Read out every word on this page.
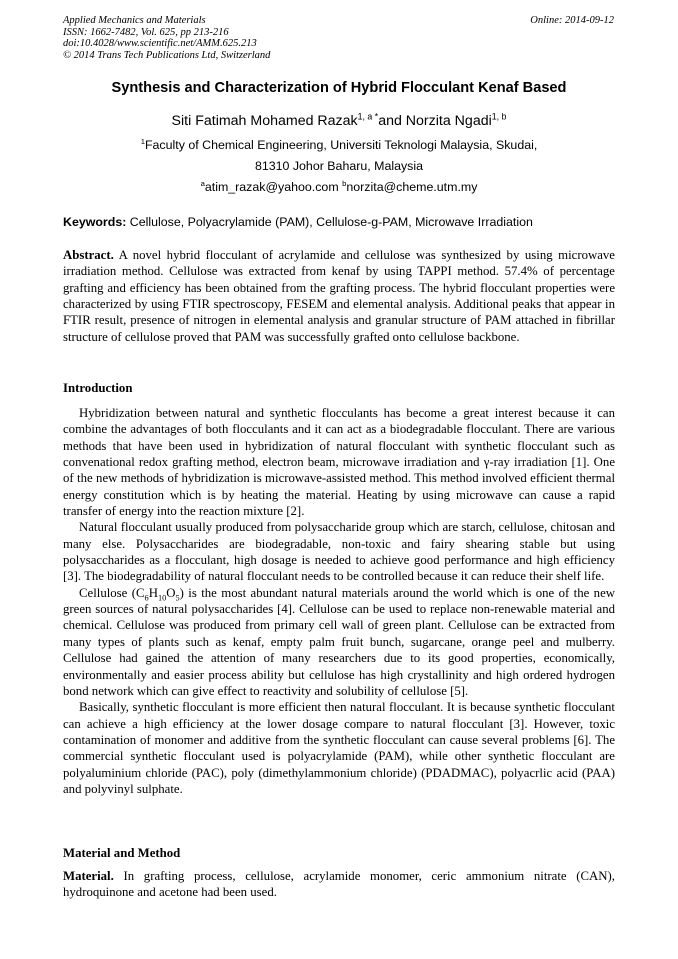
Applied Mechanics and Materials
ISSN: 1662-7482, Vol. 625, pp 213-216
doi:10.4028/www.scientific.net/AMM.625.213
© 2014 Trans Tech Publications Ltd, Switzerland
Online: 2014-09-12
Synthesis and Characterization of Hybrid Flocculant Kenaf Based
Siti Fatimah Mohamed Razak$^{1, a *}$and Norzita Ngadi$^{1, b}$
$^1$Faculty of Chemical Engineering, Universiti Teknologi Malaysia, Skudai,
81310 Johor Baharu, Malaysia
$^a$atim_razak@yahoo.com $^b$norzita@cheme.utm.my
Keywords: Cellulose, Polyacrylamide (PAM), Cellulose-g-PAM, Microwave Irradiation

Abstract. A novel hybrid flocculant of acrylamide and cellulose was synthesized by using microwave irradiation method. Cellulose was extracted from kenaf by using TAPPI method. 57.4% of percentage grafting and efficiency has been obtained from the grafting process. The hybrid flocculant properties were characterized by using FTIR spectroscopy, FESEM and elemental analysis. Additional peaks that appear in FTIR result, presence of nitrogen in elemental analysis and granular structure of PAM attached in fibrillar structure of cellulose proved that PAM was successfully grafted onto cellulose backbone.

Introduction

Hybridization between natural and synthetic flocculants has become a great interest because it can combine the advantages of both flocculants and it can act as a biodegradable flocculant. There are various methods that have been used in hybridization of natural flocculant with synthetic flocculant such as convenational redox grafting method, electron beam, microwave irradiation and γ-ray irradiation [1]. One of the new methods of hybridization is microwave-assisted method. This method involved efficient thermal energy constitution which is by heating the material. Heating by using microwave can cause a rapid transfer of energy into the reaction mixture [2].

Natural flocculant usually produced from polysaccharide group which are starch, cellulose, chitosan and many else. Polysaccharides are biodegradable, non-toxic and fairy shearing stable but using polysaccharides as a flocculant, high dosage is needed to achieve good performance and high efficiency [3]. The biodegradability of natural flocculant needs to be controlled because it can reduce their shelf life.

Cellulose $(C_6H_{10}O_5)$ is the most abundant natural materials around the world which is one of the new green sources of natural polysaccharides [4]. Cellulose can be used to replace non-renewable material and chemical. Cellulose was produced from primary cell wall of green plant. Cellulose can be extracted from many types of plants such as kenaf, empty palm fruit bunch, sugarcane, orange peel and mulberry. Cellulose had gained the attention of many researchers due to its good properties, economically, environmentally and easier process ability but cellulose has high crystallinity and high ordered hydrogen bond network which can give effect to reactivity and solubility of cellulose [5].

Basically, synthetic flocculant is more efficient then natural flocculant. It is because synthetic flocculant can achieve a high efficiency at the lower dosage compare to natural flocculant [3]. However, toxic contamination of monomer and additive from the synthetic flocculant can cause several problems [6]. The commercial synthetic flocculant used is polyacrylamide (PAM), while other synthetic flocculant are polyaluminium chloride (PAC), poly (dimethylammonium chloride) (PDADMAC), polyacrlic acid (PAA) and polyvinyl sulphate.

Material and Method

Material. In grafting process, cellulose, acrylamide monomer, ceric ammonium nitrate (CAN), hydroquinone and acetone had been used.
